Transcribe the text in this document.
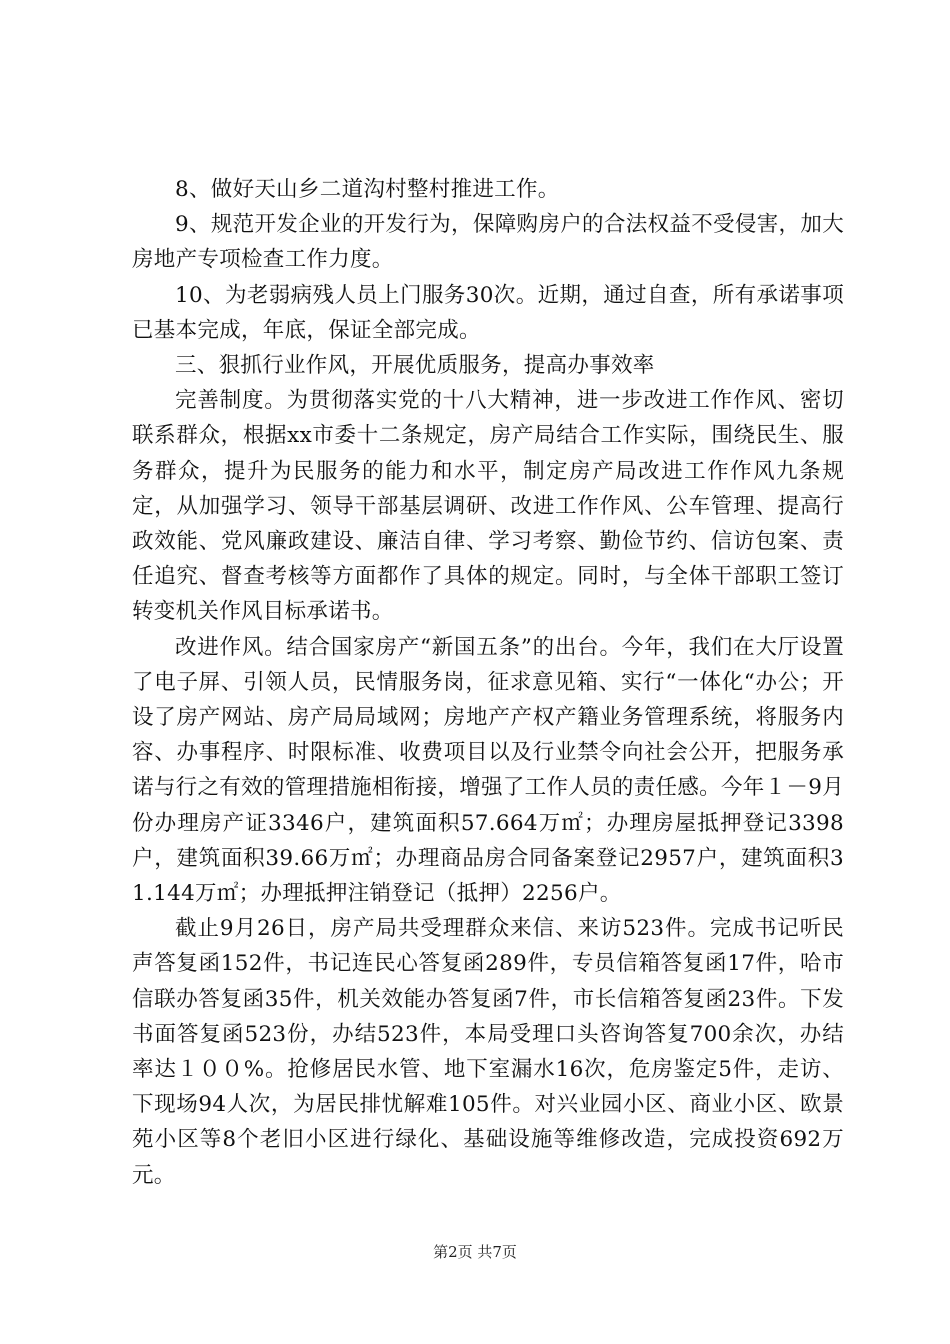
8、做好天山乡二道沟村整村推进工作。

9、规范开发企业的开发行为，保障购房户的合法权益不受侵害，加大房地产专项检查工作力度。

10、为老弱病残人员上门服务30次。近期，通过自查，所有承诺事项已基本完成，年底，保证全部完成。

三、狠抓行业作风，开展优质服务，提高办事效率

完善制度。为贯彻落实党的十八大精神，进一步改进工作作风、密切联系群众，根据xx市委十二条规定，房产局结合工作实际，围绕民生、服务群众，提升为民服务的能力和水平，制定房产局改进工作作风九条规定，从加强学习、领导干部基层调研、改进工作作风、公车管理、提高行政效能、党风廉政建设、廉洁自律、学习考察、勤俭节约、信访包案、责任追究、督查考核等方面都作了具体的规定。同时，与全体干部职工签订转变机关作风目标承诺书。

改进作风。结合国家房产“新国五条”的出台。今年，我们在大厅设置了电子屏、引领人员，民情服务岗，征求意见箱、实行“一体化“办公；开设了房产网站、房产局局域网；房地产产权产籍业务管理系统，将服务内容、办事程序、时限标准、收费项目以及行业禁令向社会公开，把服务承诺与行之有效的管理措施相衔接，增强了工作人员的责任感。今年１－9月份办理房产证3346户，建筑面积57.664万㎡；办理房屋抵押登记3398户，建筑面积39.66万㎡；办理商品房合同备案登记2957户，建筑面积31.144万㎡；办理抵押注销登记（抵押）2256户。

截止9月26日，房产局共受理群众来信、来访523件。完成书记听民声答复函152件，书记连民心答复函289件，专员信箱答复函17件，哈市信联办答复函35件，机关效能办答复函7件，市长信箱答复函23件。下发书面答复函523份，办结523件，本局受理口头咨询答复700余次，办结率达１００%。抢修居民水管、地下室漏水16次，危房鉴定5件，走访、下现场94人次，为居民排忧解难105件。对兴业园小区、商业小区、欧景苑小区等8个老旧小区进行绿化、基础设施等维修改造，完成投资692万元。

第2页 共7页
